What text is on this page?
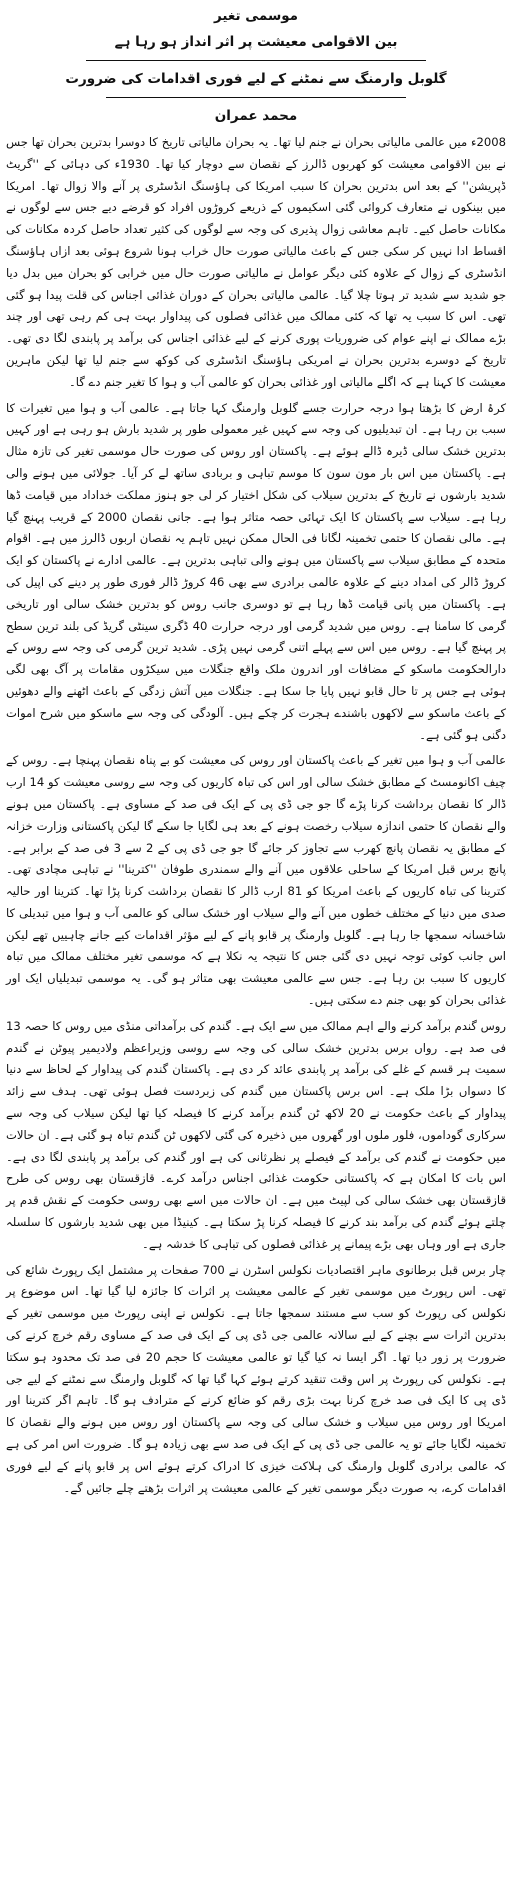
موسمی تغیر
بین الاقوامی معیشت پر اثر انداز ہو رہا ہے
گلوبل وارمنگ سے نمٹنے کے لیے فوری اقدامات کی ضرورت
محمد عمران

2008ء میں عالمی مالیاتی بحران نے جنم لیا تھا۔ یہ بحران مالیاتی تاریخ کا دوسرا بدترین بحران تھا جس نے بین الاقوامی معیشت کو کھربوں ڈالرز کے نقصان سے دوچار کیا تھا۔ 1930ء کی دہائی کے ''گریٹ ڈپریشن'' کے بعد اس بدترین بحران کا سبب امریکا کی ہاؤسنگ انڈسٹری پر آنے والا زوال تھا۔ امریکا میں بینکوں نے متعارف کروائی گئی اسکیموں کے ذریعے کروڑوں افراد کو قرضے دیے جس سے لوگوں نے مکانات حاصل کیے۔ تاہم معاشی زوال پذیری کی وجہ سے لوگوں کی کثیر تعداد حاصل کردہ مکانات کی اقساط ادا نہیں کر سکی جس کے باعث مالیاتی صورت حال خراب ہونا شروع ہوئی بعد ازاں ہاؤسنگ انڈسٹری کے زوال کے علاوہ کئی دیگر عوامل نے مالیاتی صورت حال میں خرابی کو بحران میں بدل دیا جو شدید سے شدید تر ہوتا چلا گیا۔ عالمی مالیاتی بحران کے دوران غذائی اجناس کی قلت پیدا ہو گئی تھی۔ اس کا سبب یہ تھا کہ کئی ممالک میں غذائی فصلوں کی پیداوار بہت ہی کم رہی تھی اور چند بڑے ممالک نے اپنے عوام کی ضروریات پوری کرنے کے لیے غذائی اجناس کی برآمد پر پابندی لگا دی تھی۔ تاریخ کے دوسرے بدترین بحران نے امریکی ہاؤسنگ انڈسٹری کی کوکھ سے جنم لیا تھا لیکن ماہرین معیشت کا کہنا ہے کہ اگلے مالیاتی اور غذائی بحران کو عالمی آب و ہوا کا تغیر جنم دے گا۔

کرۂ ارض کا بڑھتا ہوا درجہ حرارت جسے گلوبل وارمنگ کہا جاتا ہے۔ عالمی آب و ہوا میں تغیرات کا سبب بن رہا ہے۔ ان تبدیلیوں کی وجہ سے کہیں غیر معمولی طور پر شدید بارش ہو رہی ہے اور کہیں بدترین خشک سالی ڈیرہ ڈالے ہوئے ہے۔ پاکستان اور روس کی صورت حال موسمی تغیر کی تازہ مثال ہے۔ پاکستان میں اس بار مون سون کا موسم تباہی و بربادی ساتھ لے کر آیا۔ جولائی میں ہونے والی شدید بارشوں نے تاریخ کے بدترین سیلاب کی شکل اختیار کر لی جو ہنوز مملکت خداداد میں قیامت ڈھا رہا ہے۔ سیلاب سے پاکستان کا ایک تہائی حصہ متاثر ہوا ہے۔ جانی نقصان 2000 کے قریب پہنچ گیا ہے۔ مالی نقصان کا حتمی تخمینہ لگانا فی الحال ممکن نہیں تاہم یہ نقصان اربوں ڈالرز میں ہے۔ اقوام متحدہ کے مطابق سیلاب سے پاکستان میں ہونے والی تباہی بدترین ہے۔ عالمی ادارے نے پاکستان کو ایک کروڑ ڈالر کی امداد دینے کے علاوہ عالمی برادری سے بھی 46 کروڑ ڈالر فوری طور پر دینے کی اپیل کی ہے۔ پاکستان میں پانی قیامت ڈھا رہا ہے تو دوسری جانب روس کو بدترین خشک سالی اور تاریخی گرمی کا سامنا ہے۔ روس میں شدید گرمی اور درجہ حرارت 40 ڈگری سینٹی گریڈ کی بلند ترین سطح پر پہنچ گیا ہے۔ روس میں اس سے پہلے اتنی گرمی نہیں پڑی۔ شدید ترین گرمی کی وجہ سے روس کے دارالحکومت ماسکو کے مضافات اور اندرون ملک واقع جنگلات میں سیکڑوں مقامات پر آگ بھی لگی ہوئی ہے جس پر تا حال قابو نہیں پایا جا سکا ہے۔ جنگلات میں آتش زدگی کے باعث اٹھنے والے دھوئیں کے باعث ماسکو سے لاکھوں باشندے ہجرت کر چکے ہیں۔ آلودگی کی وجہ سے ماسکو میں شرح اموات دگنی ہو گئی ہے۔

عالمی آب و ہوا میں تغیر کے باعث پاکستان اور روس کی معیشت کو بے پناہ نقصان پہنچا ہے۔ روس کے چیف اکانومسٹ کے مطابق خشک سالی اور اس کی تباہ کاریوں کی وجہ سے روسی معیشت کو 14 ارب ڈالر کا نقصان برداشت کرنا پڑے گا جو جی ڈی پی کے ایک فی صد کے مساوی ہے۔ پاکستان میں ہونے والے نقصان کا حتمی اندازہ سیلاب رخصت ہونے کے بعد ہی لگایا جا سکے گا لیکن پاکستانی وزارت خزانہ کے مطابق یہ نقصان پانچ کھرب سے تجاوز کر جائے گا جو جی ڈی پی کے 2 سے 3 فی صد کے برابر ہے۔ پانچ برس قبل امریکا کے ساحلی علاقوں میں آنے والے سمندری طوفان ''کترینا'' نے تباہی مچادی تھی۔ کترینا کی تباہ کاریوں کے باعث امریکا کو 81 ارب ڈالر کا نقصان برداشت کرنا پڑا تھا۔ کترینا اور حالیہ صدی میں دنیا کے مختلف خطوں میں آنے والے سیلاب اور خشک سالی کو عالمی آب و ہوا میں تبدیلی کا شاخسانہ سمجھا جا رہا ہے۔ گلوبل وارمنگ پر قابو پانے کے لیے مؤثر اقدامات کیے جانے چاہییں تھے لیکن اس جانب کوئی توجہ نہیں دی گئی جس کا نتیجہ یہ نکلا ہے کہ موسمی تغیر مختلف ممالک میں تباہ کاریوں کا سبب بن رہا ہے۔ جس سے عالمی معیشت بھی متاثر ہو گی۔ یہ موسمی تبدیلیاں ایک اور غذائی بحران کو بھی جنم دے سکتی ہیں۔

روس گندم برآمد کرنے والے اہم ممالک میں سے ایک ہے۔ گندم کی برآمداتی منڈی میں روس کا حصہ 13 فی صد ہے۔ رواں برس بدترین خشک سالی کی وجہ سے روسی وزیراعظم ولادیمیر پیوٹن نے گندم سمیت ہر قسم کے غلے کی برآمد پر پابندی عائد کر دی ہے۔ پاکستان گندم کی پیداوار کے لحاظ سے دنیا کا دسواں بڑا ملک ہے۔ اس برس پاکستان میں گندم کی زبردست فصل ہوئی تھی۔ ہدف سے زائد پیداوار کے باعث حکومت نے 20 لاکھ ٹن گندم برآمد کرنے کا فیصلہ کیا تھا لیکن سیلاب کی وجہ سے سرکاری گوداموں، فلور ملوں اور گھروں میں ذخیرہ کی گئی لاکھوں ٹن گندم تباہ ہو گئی ہے۔ ان حالات میں حکومت نے گندم کی برآمد کے فیصلے پر نظرثانی کی ہے اور گندم کی برآمد پر پابندی لگا دی ہے۔ اس بات کا امکان ہے کہ پاکستانی حکومت غذائی اجناس درآمد کرے۔ قازقستان بھی روس کی طرح قازقستان بھی خشک سالی کی لپیٹ میں ہے۔ ان حالات میں اسے بھی روسی حکومت کے نقش قدم پر چلتے ہوئے گندم کی برآمد بند کرنے کا فیصلہ کرنا پڑ سکتا ہے۔ کینیڈا میں بھی شدید بارشوں کا سلسلہ جاری ہے اور وہاں بھی بڑے پیمانے پر غذائی فصلوں کی تباہی کا خدشہ ہے۔

چار برس قبل برطانوی ماہر اقتصادیات نکولس اسٹرن نے 700 صفحات پر مشتمل ایک رپورٹ شائع کی تھی۔ اس رپورٹ میں موسمی تغیر کے عالمی معیشت پر اثرات کا جائزہ لیا گیا تھا۔ اس موضوع پر نکولس کی رپورٹ کو سب سے مستند سمجھا جاتا ہے۔ نکولس نے اپنی رپورٹ میں موسمی تغیر کے بدترین اثرات سے بچنے کے لیے سالانہ عالمی جی ڈی پی کے ایک فی صد کے مساوی رقم خرچ کرنے کی ضرورت پر زور دیا تھا۔ اگر ایسا نہ کیا گیا تو عالمی معیشت کا حجم 20 فی صد تک محدود ہو سکتا ہے۔ نکولس کی رپورٹ پر اس وقت تنقید کرتے ہوئے کہا گیا تھا کہ گلوبل وارمنگ سے نمٹنے کے لیے جی ڈی پی کا ایک فی صد خرچ کرنا بہت بڑی رقم کو ضائع کرنے کے مترادف ہو گا۔ تاہم اگر کترینا اور امریکا اور روس میں سیلاب و خشک سالی کی وجہ سے پاکستان اور روس میں ہونے والے نقصان کا تخمینہ لگایا جائے تو یہ عالمی جی ڈی پی کے ایک فی صد سے بھی زیادہ ہو گا۔ ضرورت اس امر کی ہے کہ عالمی برادری گلوبل وارمنگ کی ہلاکت خیزی کا ادراک کرتے ہوئے اس پر قابو پانے کے لیے فوری اقدامات کرے، بہ صورت دیگر موسمی تغیر کے عالمی معیشت پر اثرات بڑھتے چلے جائیں گے۔
